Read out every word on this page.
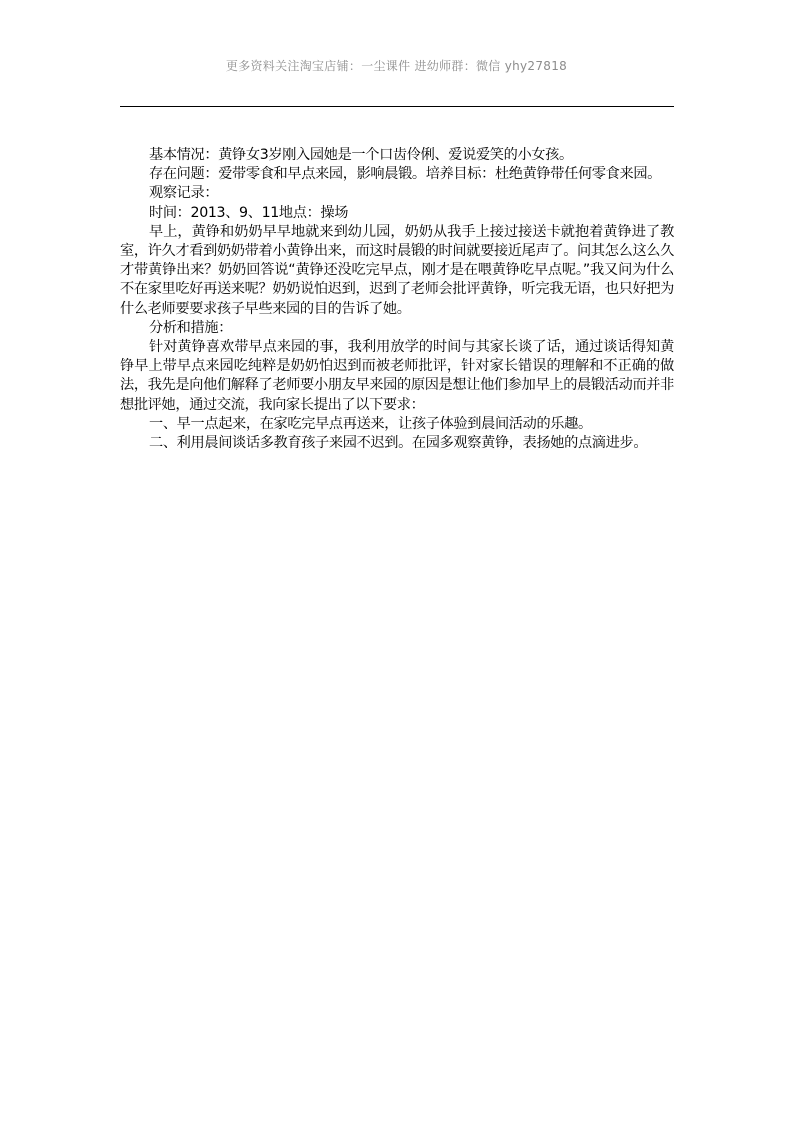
更多资料关注淘宝店铺：一尘课件 进幼师群：微信 yhy27818

基本情况：黄铮女3岁刚入园她是一个口齿伶俐、爱说爱笑的小女孩。

存在问题：爱带零食和早点来园，影响晨锻。培养目标：杜绝黄铮带任何零食来园。

观察记录：

时间：2013、9、11地点：操场

早上，黄铮和奶奶早早地就来到幼儿园，奶奶从我手上接过接送卡就抱着黄铮进了教室，许久才看到奶奶带着小黄铮出来，而这时晨锻的时间就要接近尾声了。问其怎么这么久才带黄铮出来？奶奶回答说“黄铮还没吃完早点，刚才是在喂黄铮吃早点呢。”我又问为什么不在家里吃好再送来呢？奶奶说怕迟到，迟到了老师会批评黄铮，听完我无语，也只好把为什么老师要要求孩子早些来园的目的告诉了她。

分析和措施：

针对黄铮喜欢带早点来园的事，我利用放学的时间与其家长谈了话，通过谈话得知黄铮早上带早点来园吃纯粹是奶奶怕迟到而被老师批评，针对家长错误的理解和不正确的做法，我先是向他们解释了老师要小朋友早来园的原因是想让他们参加早上的晨锻活动而并非想批评她，通过交流，我向家长提出了以下要求：

一、早一点起来，在家吃完早点再送来，让孩子体验到晨间活动的乐趣。

二、利用晨间谈话多教育孩子来园不迟到。在园多观察黄铮，表扬她的点滴进步。
